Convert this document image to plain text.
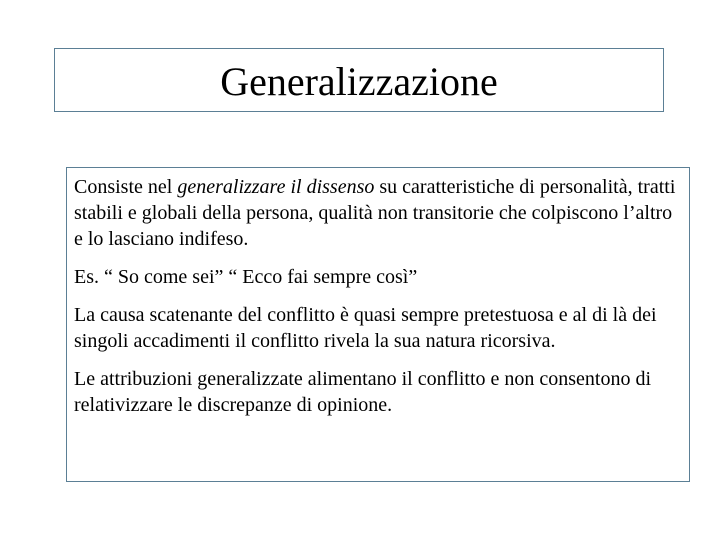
Generalizzazione

Consiste nel generalizzare il dissenso su caratteristiche di personalità, tratti stabili e globali della persona, qualità non transitorie che colpiscono l’altro e lo lasciano indifeso.

Es. “ So come sei” “ Ecco fai sempre così”

La causa scatenante del conflitto è quasi sempre pretestuosa e al di là dei singoli accadimenti il conflitto rivela la sua natura ricorsiva.

Le attribuzioni generalizzate alimentano il conflitto e non consentono di relativizzare le discrepanze di opinione.
